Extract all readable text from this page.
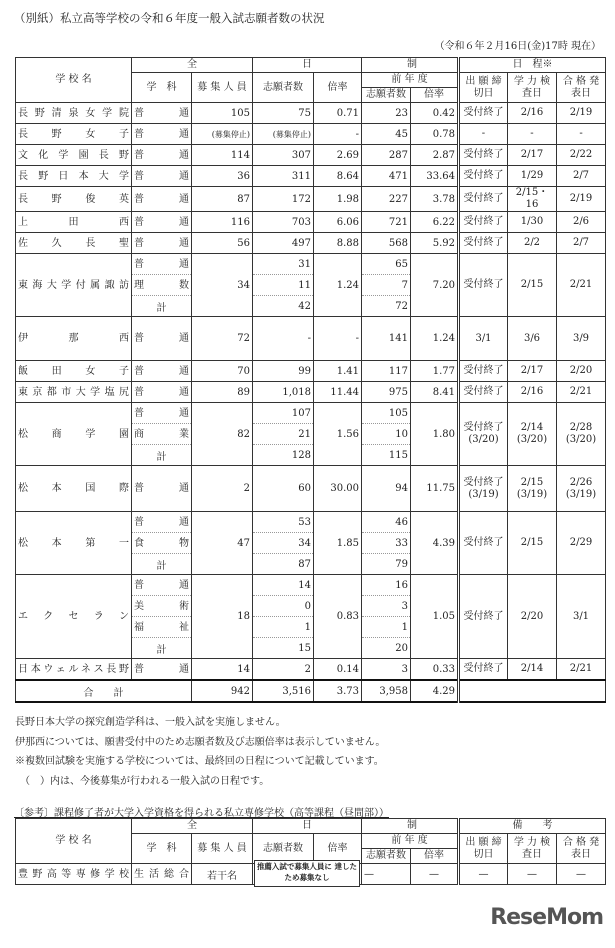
（別紙）私立高等学校の令和６年度一般入試志願者数の状況
（令和６年２月16日(金)17時 現在）
学 校 名	全		日		制		日　程※		
	学　科	募 集 人 員	志願者数	倍率	前 年 度		出 願 締切日	学 力 検査日	合 格 発表日
					志願者数	倍率			
長野清泉女学院	普　　通	105	75	0.71	23	0.42	受付終了	2/16	2/19
長野女子	普　　通	(募集停止)	(募集停止)	-	45	0.78	-	-	-
文化学園長野	普　　通	114	307	2.69	287	2.87	受付終了	2/17	2/22
長野日本大学	普　　通	36	311	8.64	471	33.64	受付終了	1/29	2/7
長野俊英	普　　通	87	172	1.98	227	3.78	受付終了	2/15・16	2/19
上田西	普　　通	116	703	6.06	721	6.22	受付終了	1/30	2/6
佐久長聖	普　　通	56	497	8.88	568	5.92	受付終了	2/2	2/7
東海大学付属諏訪	普　　通	34	31	1.24	65	7.20	受付終了	2/15	2/21
	理　　数		11		7				
	計		42		72				
伊那西	普　　通	72	-	-	141	1.24	3/1	3/6	3/9
飯田女子	普　　通	70	99	1.41	117	1.77	受付終了	2/17	2/20
東京都市大学塩尻	普　　通	89	1,018	11.44	975	8.41	受付終了	2/16	2/21
松商学園	普　　通	82	107	1.56	105	1.80	受付終了 (3/20)	2/14 (3/20)	2/28 (3/20)
	商　　業		21		10				
	計		128		115				
松本国際	普　　通	2	60	30.00	94	11.75	受付終了 (3/19)	2/15 (3/19)	2/26 (3/19)
松本第一	普　　通	47	53	1.85	46	4.39	受付終了	2/15	2/29
	食　　物		34		33				
	計		87		79				
エクセラン	普　　通	18	14	0.83	16	1.05	受付終了	2/20	3/1
	美　　術		0		3				
	福　　祉		1		1				
	計		15		20				
日本ウェルネス長野	普　　通	14	2	0.14	3	0.33	受付終了	2/14	2/21
合　　計		942	3,516	3.73	3,958	4.29			
長野日本大学の探究創造学科は、一般入試を実施しません。
伊那西については、願書受付中のため志願者数及び志願倍率は表示していません。
※複数回試験を実施する学校については、最終回の日程について記載しています。
　（　）内は、今後募集が行われる一般入試の日程です。
〔参考〕課程修了者が大学入学資格を得られる私立専修学校（高等課程（昼間部））
学 校 名	全		日		制		備　　考		
	学　科	募 集 人 員	志願者数	倍率	前 年 度		出 願 締切日	学 力 検査日	合 格 発表日
					志願者数	倍率			
豊野高等専修学校	生活総合	若干名			—	—	—	—	—
推薦入試で募集人員に 達したため募集なし
ReseMom
